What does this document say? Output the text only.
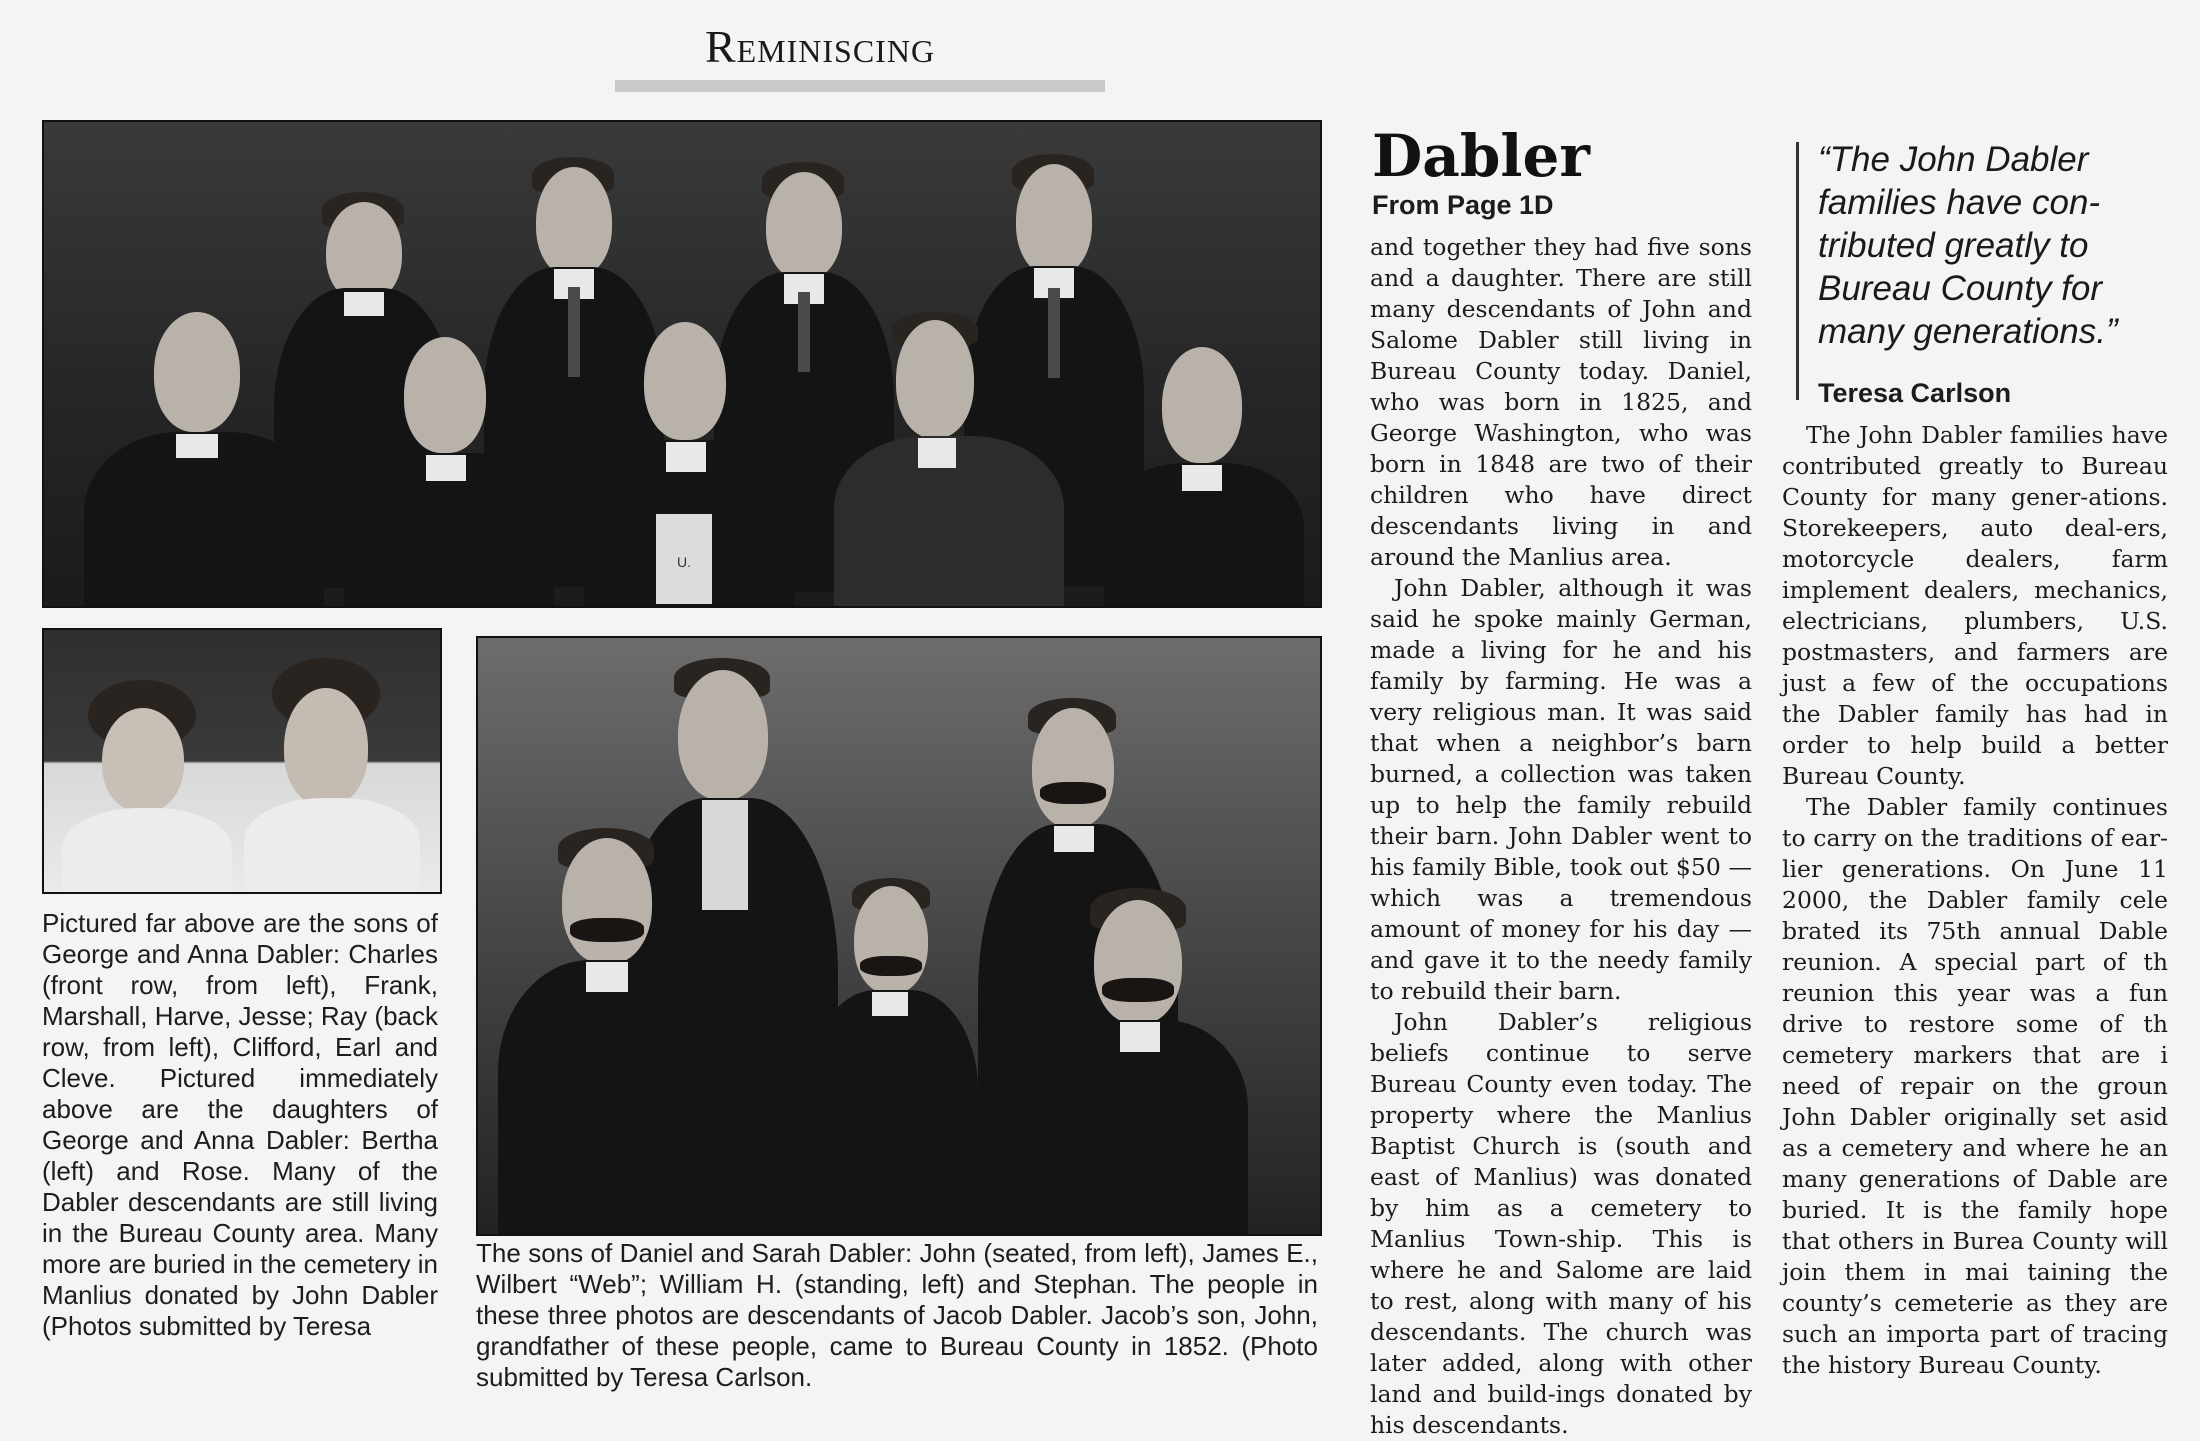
Reminiscing
U.
Pictured far above are the sons of George and Anna Dabler: Charles (front row, from left), Frank, Marshall, Harve, Jesse; Ray (back row, from left), Clifford, Earl and Cleve. Pictured immediately above are the daughters of George and Anna Dabler: Bertha (left) and Rose. Many of the Dabler descendants are still living in the Bureau County area. Many more are buried in the cemetery in Manlius donated by John Dabler (Photos submitted by Teresa
The sons of Daniel and Sarah Dabler: John (seated, from left), James E., Wilbert “Web”; William H. (standing, left) and Stephan. The people in these three photos are descendants of Jacob Dabler. Jacob’s son, John, grandfather of these people, came to Bureau County in 1852. (Photo submitted by Teresa Carlson.
Dabler
From Page 1D

and together they had five sons and a daughter. There are still many descendants of John and Salome Dabler still living in Bureau County today. Daniel, who was born in 1825, and George Washington, who was born in 1848 are two of their children who have direct descendants living in and around the Manlius area.

John Dabler, although it was said he spoke mainly German, made a living for he and his family by farming. He was a very religious man. It was said that when a neighbor’s barn burned, a collection was taken up to help the family rebuild their barn. John Dabler went to his family Bible, took out $50 — which was a tremendous amount of money for his day — and gave it to the needy family to rebuild their barn.

John Dabler’s religious beliefs continue to serve Bureau County even today. The property where the Manlius Baptist Church is (south and east of Manlius) was donated by him as a cemetery to Manlius Town-ship. This is where he and Salome are laid to rest, along with many of his descendants. The church was later added, along with other land and build-ings donated by his descendants.

“The John Dabler families have con-tributed greatly to Bureau County for many generations.”
Teresa Carlson

The John Dabler families have contributed greatly to Bureau County for many gener-ations. Storekeepers, auto deal-ers, motorcycle dealers, farm implement dealers, mechanics, electricians, plumbers, U.S. postmasters, and farmers are just a few of the occupations the Dabler family has had in order to help build a better Bureau County.

The Dabler family continues to carry on the traditions of ear-lier generations. On June 11 2000, the Dabler family cele brated its 75th annual Dable reunion. A special part of th reunion this year was a fun drive to restore some of th cemetery markers that are i need of repair on the groun John Dabler originally set asid as a cemetery and where he an many generations of Dable are buried. It is the family hope that others in Burea County will join them in mai taining the county’s cemeterie as they are such an importa part of tracing the history Bureau County.
